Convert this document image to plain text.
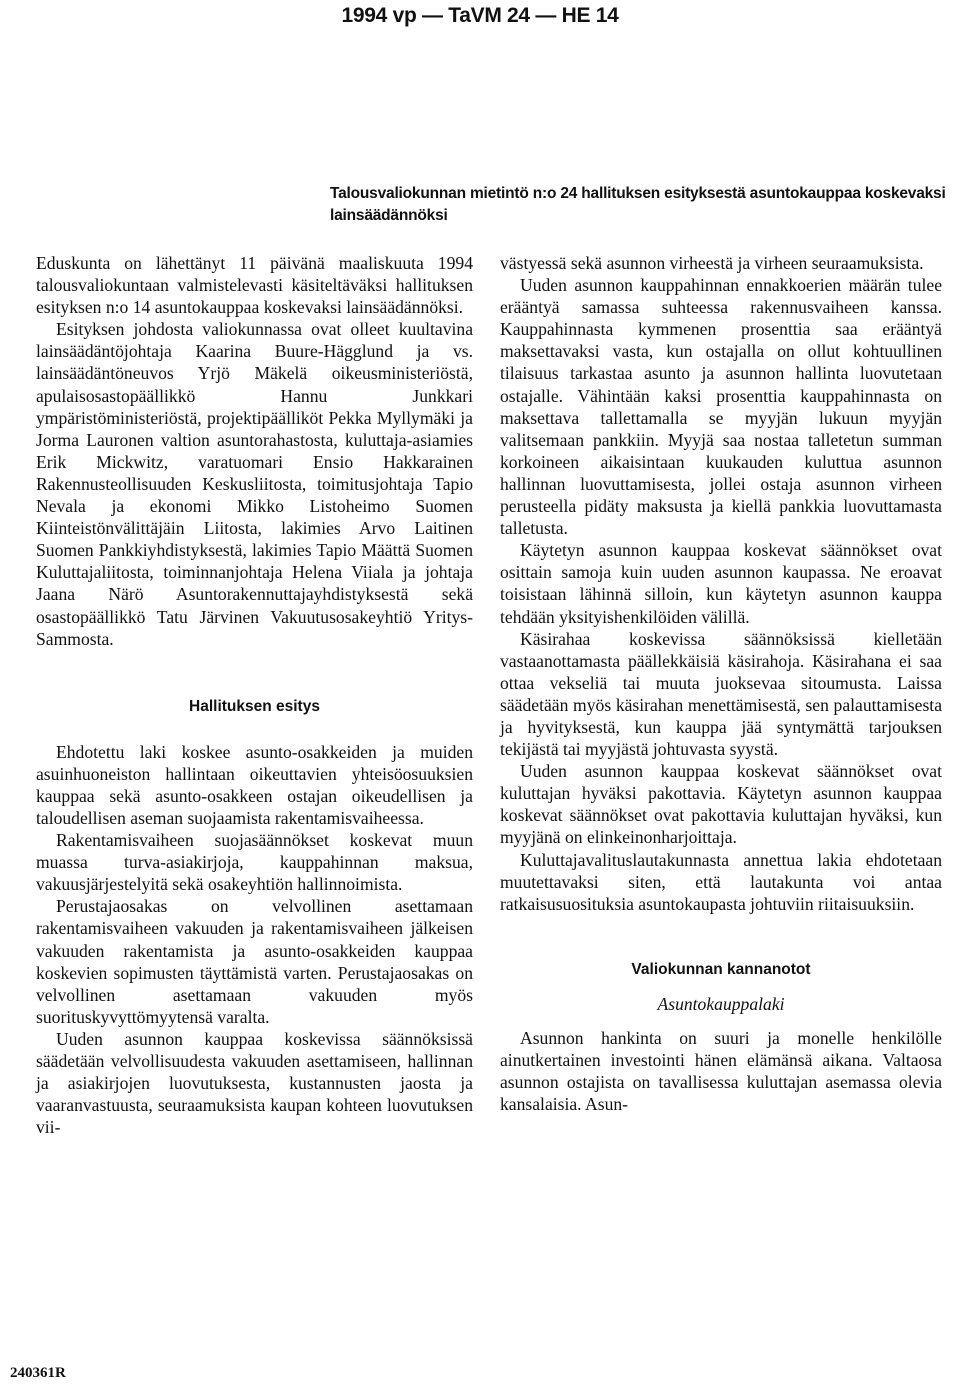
1994 vp — TaVM 24 — HE 14
Talousvaliokunnan mietintö n:o 24 hallituksen esityksestä asuntokauppaa koskevaksi lainsäädännöksi

Eduskunta on lähettänyt 11 päivänä maaliskuuta 1994 talousvaliokuntaan valmistelevasti käsiteltäväksi hallituksen esityksen n:o 14 asuntokauppaa koskevaksi lainsäädännöksi.

Esityksen johdosta valiokunnassa ovat olleet kuultavina lainsäädäntöjohtaja Kaarina Buure-Hägglund ja vs. lainsäädäntöneuvos Yrjö Mäkelä oikeusministeriöstä, apulaisosastopäällikkö Hannu Junkkari ympäristöministeriöstä, projektipäälliköt Pekka Myllymäki ja Jorma Lauronen valtion asuntorahastosta, kuluttaja-asiamies Erik Mickwitz, varatuomari Ensio Hakkarainen Rakennusteollisuuden Keskusliitosta, toimitusjohtaja Tapio Nevala ja ekonomi Mikko Listoheimo Suomen Kiinteistönvälittäjäin Liitosta, lakimies Arvo Laitinen Suomen Pankkiyhdistyksestä, lakimies Tapio Määttä Suomen Kuluttajaliitosta, toiminnanjohtaja Helena Viiala ja johtaja Jaana Närö Asuntorakennuttajayhdistyksestä sekä osastopäällikkö Tatu Järvinen Vakuutusosakeyhtiö Yritys-Sammosta.

Hallituksen esitys

Ehdotettu laki koskee asunto-osakkeiden ja muiden asuinhuoneiston hallintaan oikeuttavien yhteisöosuuksien kauppaa sekä asunto-osakkeen ostajan oikeudellisen ja taloudellisen aseman suojaamista rakentamisvaiheessa.

Rakentamisvaiheen suojasäännökset koskevat muun muassa turva-asiakirjoja, kauppahinnan maksua, vakuusjärjestelyitä sekä osakeyhtiön hallinnoimista.

Perustajaosakas on velvollinen asettamaan rakentamisvaiheen vakuuden ja rakentamisvaiheen jälkeisen vakuuden rakentamista ja asunto-osakkeiden kauppaa koskevien sopimusten täyttämistä varten. Perustajaosakas on velvollinen asettamaan vakuuden myös suorituskyvyttömyytensä varalta.

Uuden asunnon kauppaa koskevissa säännöksissä säädetään velvollisuudesta vakuuden asettamiseen, hallinnan ja asiakirjojen luovutuksesta, kustannusten jaosta ja vaaranvastuusta, seuraamuksista kaupan kohteen luovutuksen vii-

västyessä sekä asunnon virheestä ja virheen seuraamuksista.

Uuden asunnon kauppahinnan ennakkoerien määrän tulee erääntyä samassa suhteessa rakennusvaiheen kanssa. Kauppahinnasta kymmenen prosenttia saa erääntyä maksettavaksi vasta, kun ostajalla on ollut kohtuullinen tilaisuus tarkastaa asunto ja asunnon hallinta luovutetaan ostajalle. Vähintään kaksi prosenttia kauppahinnasta on maksettava tallettamalla se myyjän lukuun myyjän valitsemaan pankkiin. Myyjä saa nostaa talletetun summan korkoineen aikaisintaan kuukauden kuluttua asunnon hallinnan luovuttamisesta, jollei ostaja asunnon virheen perusteella pidäty maksusta ja kiellä pankkia luovuttamasta talletusta.

Käytetyn asunnon kauppaa koskevat säännökset ovat osittain samoja kuin uuden asunnon kaupassa. Ne eroavat toisistaan lähinnä silloin, kun käytetyn asunnon kauppa tehdään yksityishenkilöiden välillä.

Käsirahaa koskevissa säännöksissä kielletään vastaanottamasta päällekkäisiä käsirahoja. Käsirahana ei saa ottaa vekseliä tai muuta juoksevaa sitoumusta. Laissa säädetään myös käsirahan menettämisestä, sen palauttamisesta ja hyvityksestä, kun kauppa jää syntymättä tarjouksen tekijästä tai myyjästä johtuvasta syystä.

Uuden asunnon kauppaa koskevat säännökset ovat kuluttajan hyväksi pakottavia. Käytetyn asunnon kauppaa koskevat säännökset ovat pakottavia kuluttajan hyväksi, kun myyjänä on elinkeinonharjoittaja.

Kuluttajavalituslautakunnasta annettua lakia ehdotetaan muutettavaksi siten, että lautakunta voi antaa ratkaisusuosituksia asuntokaupasta johtuviin riitaisuuksiin.

Valiokunnan kannanotot
Asuntokauppalaki

Asunnon hankinta on suuri ja monelle henkilölle ainutkertainen investointi hänen elämänsä aikana. Valtaosa asunnon ostajista on tavallisessa kuluttajan asemassa olevia kansalaisia. Asun-

240361R
